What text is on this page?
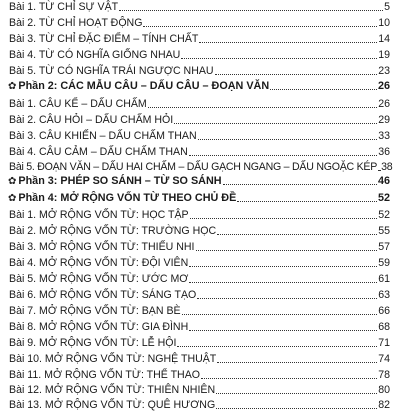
Bài 1. TỪ CHỈ SỰ VẬT	5
Bài 2. TỪ CHỈ HOẠT ĐỘNG	10
Bài 3. TỪ CHỈ ĐẶC ĐIỂM – TÍNH CHẤT	14
Bài 4. TỪ CÓ NGHĨA GIỐNG NHAU	19
Bài 5. TỪ CÓ NGHĨA TRÁI NGƯỢC NHAU	23
✿ Phần 2: CÁC MẪU CÂU – DẤU CÂU – ĐOẠN VĂN	26
Bài 1. CÂU KỂ – DẤU CHẤM	26
Bài 2. CÂU HỎI – DẤU CHẤM HỎI	29
Bài 3. CÂU KHIẾN – DẤU CHẤM THAN	33
Bài 4. CÂU CẢM – DẤU CHẤM THAN	36
Bài 5. ĐOẠN VĂN – DẤU HAI CHẤM – DẤU GẠCH NGANG – DẤU NGOẶC KÉP 38
✿ Phần 3: PHÉP SO SÁNH – TỪ SO SÁNH	46
✿ Phần 4: MỞ RỘNG VỐN TỪ THEO CHỦ ĐỀ	52
Bài 1. MỞ RỘNG VỐN TỪ: HỌC TẬP	52
Bài 2. MỞ RỘNG VỐN TỪ: TRƯỜNG HỌC	55
Bài 3. MỞ RỘNG VỐN TỪ: THIẾU NHI	57
Bài 4. MỞ RỘNG VỐN TỪ: ĐỘI VIÊN	59
Bài 5. MỞ RỘNG VỐN TỪ: ƯỚC MƠ	61
Bài 6. MỞ RỘNG VỐN TỪ: SÁNG TẠO	63
Bài 7. MỞ RỘNG VỐN TỪ: BẠN BÈ	66
Bài 8. MỞ RỘNG VỐN TỪ: GIA ĐÌNH	68
Bài 9. MỞ RỘNG VỐN TỪ: LỄ HỘI	71
Bài 10. MỞ RỘNG VỐN TỪ: NGHỆ THUẬT	74
Bài 11. MỞ RỘNG VỐN TỪ: THỂ THAO	78
Bài 12. MỞ RỘNG VỐN TỪ: THIÊN NHIÊN	80
Bài 13. MỞ RỘNG VỐN TỪ: QUÊ HƯƠNG	82
